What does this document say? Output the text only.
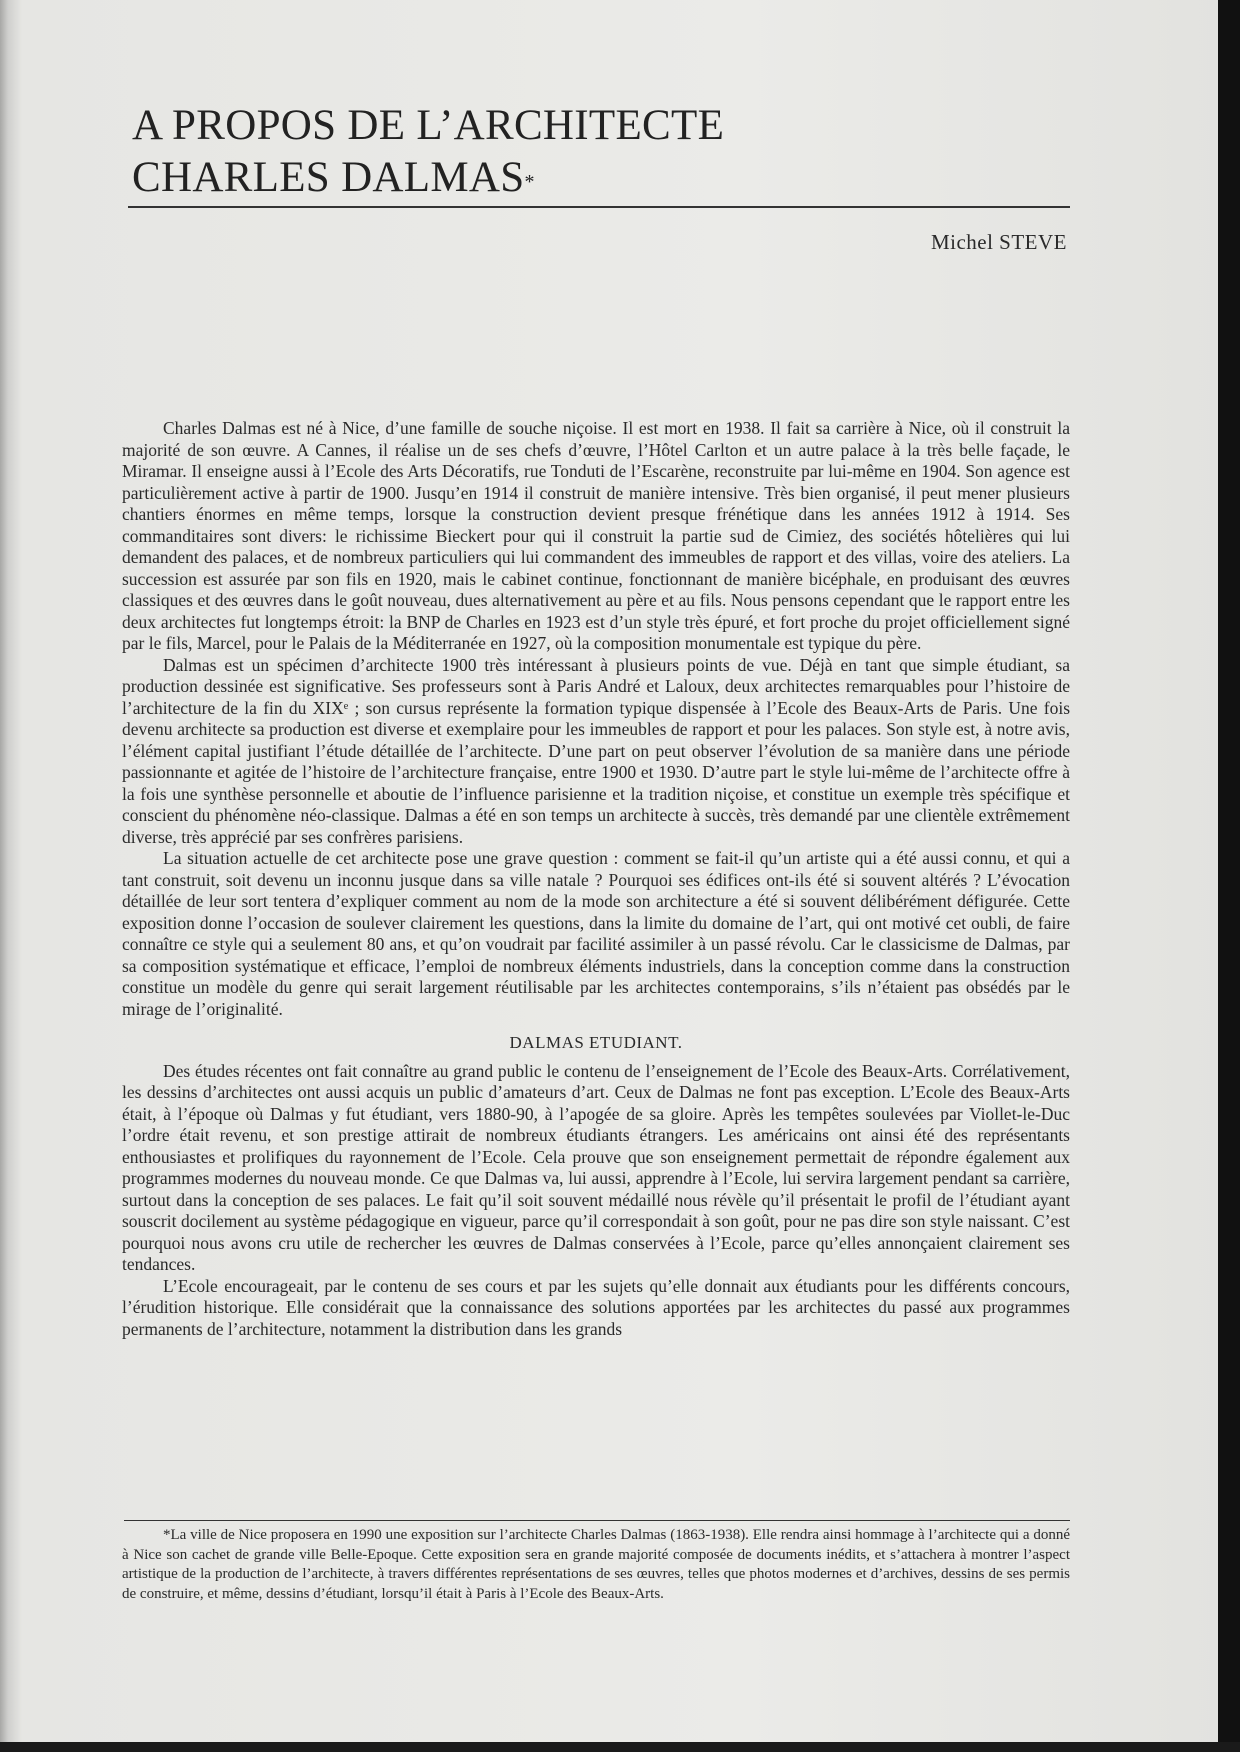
A PROPOS DE L’ARCHITECTE
CHARLES DALMAS*
Michel STEVE

Charles Dalmas est né à Nice, d’une famille de souche niçoise. Il est mort en 1938. Il fait sa carrière à Nice, où il construit la majorité de son œuvre. A Cannes, il réalise un de ses chefs d’œuvre, l’Hôtel Carlton et un autre palace à la très belle façade, le Miramar. Il enseigne aussi à l’Ecole des Arts Décoratifs, rue Tonduti de l’Escarène, reconstruite par lui-même en 1904. Son agence est particulièrement active à partir de 1900. Jusqu’en 1914 il construit de manière intensive. Très bien organisé, il peut mener plusieurs chantiers énormes en même temps, lorsque la construction devient presque frénétique dans les années 1912 à 1914. Ses commanditaires sont divers: le richissime Bieckert pour qui il construit la partie sud de Cimiez, des sociétés hôtelières qui lui demandent des palaces, et de nombreux particuliers qui lui commandent des immeubles de rapport et des villas, voire des ateliers. La succession est assurée par son fils en 1920, mais le cabinet continue, fonctionnant de manière bicéphale, en produisant des œuvres classiques et des œuvres dans le goût nouveau, dues alternativement au père et au fils. Nous pensons cependant que le rapport entre les deux architectes fut longtemps étroit: la BNP de Charles en 1923 est d’un style très épuré, et fort proche du projet officiellement signé par le fils, Marcel, pour le Palais de la Méditerranée en 1927, où la composition monumentale est typique du père.

Dalmas est un spécimen d’architecte 1900 très intéressant à plusieurs points de vue. Déjà en tant que simple étudiant, sa production dessinée est significative. Ses professeurs sont à Paris André et Laloux, deux architectes remarquables pour l’histoire de l’architecture de la fin du XIXᵉ ; son cursus représente la formation typique dispensée à l’Ecole des Beaux-Arts de Paris. Une fois devenu architecte sa production est diverse et exemplaire pour les immeubles de rapport et pour les palaces. Son style est, à notre avis, l’élément capital justifiant l’étude détaillée de l’architecte. D’une part on peut observer l’évolution de sa manière dans une période passionnante et agitée de l’histoire de l’architecture française, entre 1900 et 1930. D’autre part le style lui-même de l’architecte offre à la fois une synthèse personnelle et aboutie de l’influence parisienne et la tradition niçoise, et constitue un exemple très spécifique et conscient du phénomène néo-classique. Dalmas a été en son temps un architecte à succès, très demandé par une clientèle extrêmement diverse, très apprécié par ses confrères parisiens.

La situation actuelle de cet architecte pose une grave question : comment se fait-il qu’un artiste qui a été aussi connu, et qui a tant construit, soit devenu un inconnu jusque dans sa ville natale ? Pourquoi ses édifices ont-ils été si souvent altérés ? L’évocation détaillée de leur sort tentera d’expliquer comment au nom de la mode son architecture a été si souvent délibérément défigurée. Cette exposition donne l’occasion de soulever clairement les questions, dans la limite du domaine de l’art, qui ont motivé cet oubli, de faire connaître ce style qui a seulement 80 ans, et qu’on voudrait par facilité assimiler à un passé révolu. Car le classicisme de Dalmas, par sa composition systématique et efficace, l’emploi de nombreux éléments industriels, dans la conception comme dans la construction constitue un modèle du genre qui serait largement réutilisable par les architectes contemporains, s’ils n’étaient pas obsédés par le mirage de l’originalité.

DALMAS ETUDIANT.

Des études récentes ont fait connaître au grand public le contenu de l’enseignement de l’Ecole des Beaux-Arts. Corrélativement, les dessins d’architectes ont aussi acquis un public d’amateurs d’art. Ceux de Dalmas ne font pas exception. L’Ecole des Beaux-Arts était, à l’époque où Dalmas y fut étudiant, vers 1880-90, à l’apogée de sa gloire. Après les tempêtes soulevées par Viollet-le-Duc l’ordre était revenu, et son prestige attirait de nombreux étudiants étrangers. Les américains ont ainsi été des représentants enthousiastes et prolifiques du rayonnement de l’Ecole. Cela prouve que son enseignement permettait de répondre également aux programmes modernes du nouveau monde. Ce que Dalmas va, lui aussi, apprendre à l’Ecole, lui servira largement pendant sa carrière, surtout dans la conception de ses palaces. Le fait qu’il soit souvent médaillé nous révèle qu’il présentait le profil de l’étudiant ayant souscrit docilement au système pédagogique en vigueur, parce qu’il correspondait à son goût, pour ne pas dire son style naissant. C’est pourquoi nous avons cru utile de rechercher les œuvres de Dalmas conservées à l’Ecole, parce qu’elles annonçaient clairement ses tendances.

L’Ecole encourageait, par le contenu de ses cours et par les sujets qu’elle donnait aux étudiants pour les différents concours, l’érudition historique. Elle considérait que la connaissance des solutions apportées par les architectes du passé aux programmes permanents de l’architecture, notamment la distribution dans les grands

*La ville de Nice proposera en 1990 une exposition sur l’architecte Charles Dalmas (1863-1938). Elle rendra ainsi hommage à l’architecte qui a donné à Nice son cachet de grande ville Belle-Epoque. Cette exposition sera en grande majorité composée de documents inédits, et s’attachera à montrer l’aspect artistique de la production de l’architecte, à travers différentes représentations de ses œuvres, telles que photos modernes et d’archives, dessins de ses permis de construire, et même, dessins d’étudiant, lorsqu’il était à Paris à l’Ecole des Beaux-Arts.
